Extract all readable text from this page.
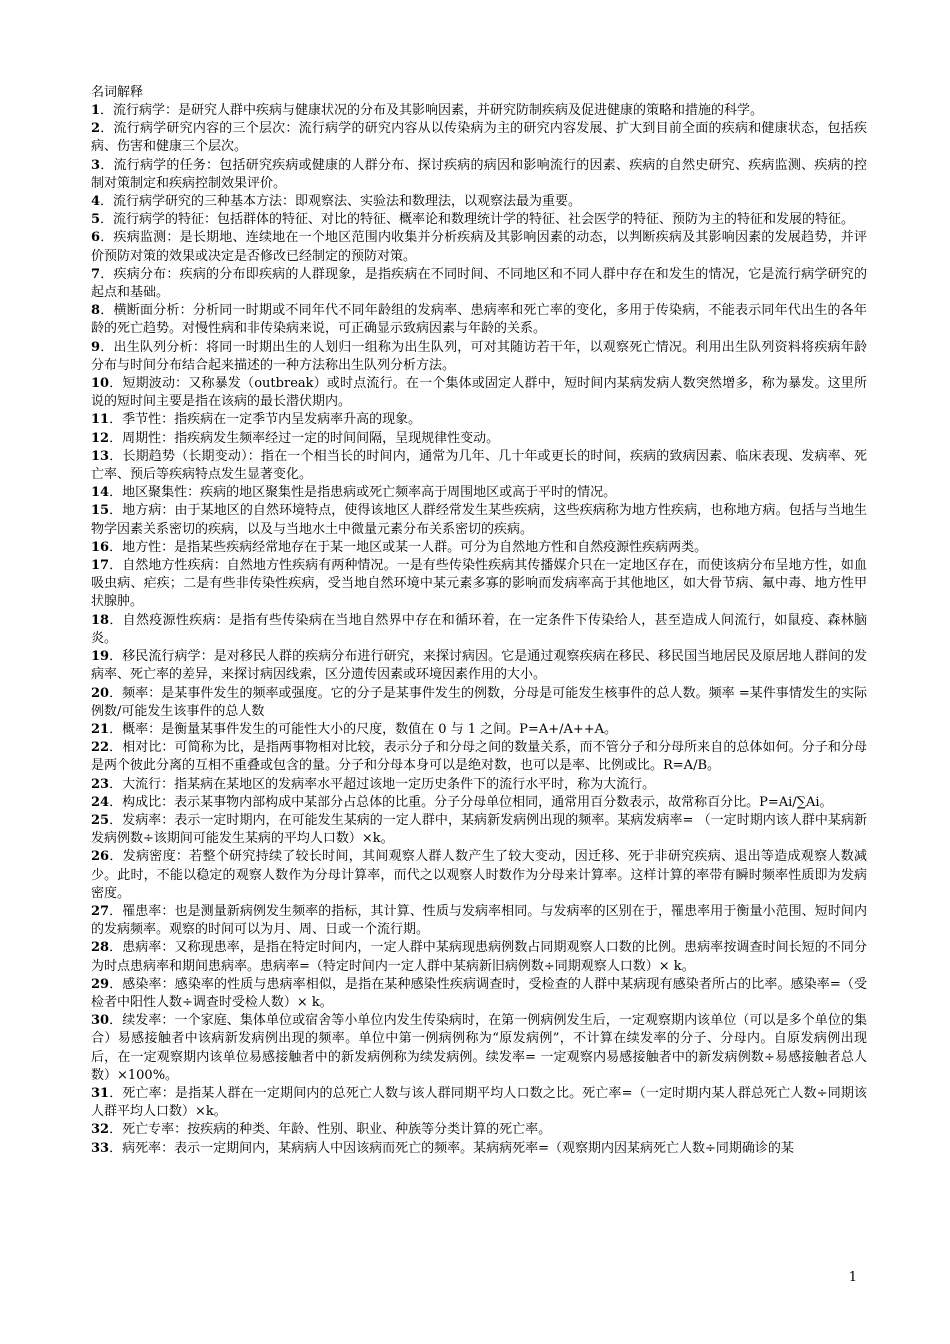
名词解释

1．流行病学：是研究人群中疾病与健康状况的分布及其影响因素，并研究防制疾病及促进健康的策略和措施的科学。

2．流行病学研究内容的三个层次：流行病学的研究内容从以传染病为主的研究内容发展、扩大到目前全面的疾病和健康状态，包括疾病、伤害和健康三个层次。

3．流行病学的任务：包括研究疾病或健康的人群分布、探讨疾病的病因和影响流行的因素、疾病的自然史研究、疾病监测、疾病的控制对策制定和疾病控制效果评价。

4．流行病学研究的三种基本方法：即观察法、实验法和数理法，以观察法最为重要。

5．流行病学的特征：包括群体的特征、对比的特征、概率论和数理统计学的特征、社会医学的特征、预防为主的特征和发展的特征。

6．疾病监测：是长期地、连续地在一个地区范围内收集并分析疾病及其影响因素的动态，以判断疾病及其影响因素的发展趋势，并评价预防对策的效果或决定是否修改已经制定的预防对策。

7．疾病分布：疾病的分布即疾病的人群现象，是指疾病在不同时间、不同地区和不同人群中存在和发生的情况，它是流行病学研究的起点和基础。

8．横断面分析：分析同一时期或不同年代不同年龄组的发病率、患病率和死亡率的变化，多用于传染病，不能表示同年代出生的各年龄的死亡趋势。对慢性病和非传染病来说，可正确显示致病因素与年龄的关系。

9．出生队列分析：将同一时期出生的人划归一组称为出生队列，可对其随访若干年，以观察死亡情况。利用出生队列资料将疾病年龄分布与时间分布结合起来描述的一种方法称出生队列分析方法。

10．短期波动：又称暴发（outbreak）或时点流行。在一个集体或固定人群中，短时间内某病发病人数突然增多，称为暴发。这里所说的短时间主要是指在该病的最长潜伏期内。

11．季节性：指疾病在一定季节内呈发病率升高的现象。

12．周期性：指疾病发生频率经过一定的时间间隔，呈现规律性变动。

13．长期趋势（长期变动）：指在一个相当长的时间内，通常为几年、几十年或更长的时间，疾病的致病因素、临床表现、发病率、死亡率、预后等疾病特点发生显著变化。

14．地区聚集性：疾病的地区聚集性是指患病或死亡频率高于周围地区或高于平时的情况。

15．地方病：由于某地区的自然环境特点，使得该地区人群经常发生某些疾病，这些疾病称为地方性疾病，也称地方病。包括与当地生物学因素关系密切的疾病，以及与当地水土中微量元素分布关系密切的疾病。

16．地方性：是指某些疾病经常地存在于某一地区或某一人群。可分为自然地方性和自然疫源性疾病两类。

17．自然地方性疾病：自然地方性疾病有两种情况。一是有些传染性疾病其传播媒介只在一定地区存在，而使该病分布呈地方性，如血吸虫病、疟疾；二是有些非传染性疾病，受当地自然环境中某元素多寡的影响而发病率高于其他地区，如大骨节病、氟中毒、地方性甲状腺肿。

18．自然疫源性疾病：是指有些传染病在当地自然界中存在和循环着，在一定条件下传染给人，甚至造成人间流行，如鼠疫、森林脑炎。

19．移民流行病学：是对移民人群的疾病分布进行研究，来探讨病因。它是通过观察疾病在移民、移民国当地居民及原居地人群间的发病率、死亡率的差异，来探讨病因线索，区分遗传因素或环境因素作用的大小。

20．频率：是某事件发生的频率或强度。它的分子是某事件发生的例数，分母是可能发生核事件的总人数。频率 =某件事情发生的实际例数/可能发生该事件的总人数

21．概率：是衡量某事件发生的可能性大小的尺度，数值在 0 与 1 之间。P=A+/A++A。

22．相对比：可简称为比，是指两事物相对比较，表示分子和分母之间的数量关系，而不管分子和分母所来自的总体如何。分子和分母是两个彼此分离的互相不重叠或包含的量。分子和分母本身可以是绝对数，也可以是率、比例或比。R=A/B。

23．大流行：指某病在某地区的发病率水平超过该地一定历史条件下的流行水平时，称为大流行。

24．构成比：表示某事物内部构成中某部分占总体的比重。分子分母单位相同，通常用百分数表示，故常称百分比。P=Ai/∑Ai。

25．发病率：表示一定时期内，在可能发生某病的一定人群中，某病新发病例出现的频率。某病发病率= （一定时期内该人群中某病新发病例数÷该期间可能发生某病的平均人口数）×k。

26．发病密度：若整个研究持续了较长时间，其间观察人群人数产生了较大变动，因迁移、死于非研究疾病、退出等造成观察人数减少。此时，不能以稳定的观察人数作为分母计算率，而代之以观察人时数作为分母来计算率。这样计算的率带有瞬时频率性质即为发病密度。

27．罹患率：也是测量新病例发生频率的指标，其计算、性质与发病率相同。与发病率的区别在于，罹患率用于衡量小范围、短时间内的发病频率。观察的时间可以为月、周、日或一个流行期。

28．患病率：又称现患率，是指在特定时间内，一定人群中某病现患病例数占同期观察人口数的比例。患病率按调查时间长短的不同分为时点患病率和期间患病率。患病率=（特定时间内一定人群中某病新旧病例数÷同期观察人口数）× k。

29．感染率：感染率的性质与患病率相似，是指在某种感染性疾病调查时，受检查的人群中某病现有感染者所占的比率。感染率=（受检者中阳性人数÷调查时受检人数）× k。

30．续发率：一个家庭、集体单位或宿舍等小单位内发生传染病时，在第一例病例发生后，一定观察期内该单位（可以是多个单位的集合）易感接触者中该病新发病例出现的频率。单位中第一例病例称为“原发病例”，不计算在续发率的分子、分母内。自原发病例出现后，在一定观察期内该单位易感接触者中的新发病例称为续发病例。续发率= 一定观察内易感接触者中的新发病例数÷易感接触者总人数）×100%。

31．死亡率：是指某人群在一定期间内的总死亡人数与该人群同期平均人口数之比。死亡率=（一定时期内某人群总死亡人数÷同期该人群平均人口数）×k。

32．死亡专率：按疾病的种类、年龄、性别、职业、种族等分类计算的死亡率。

33．病死率：表示一定期间内，某病病人中因该病而死亡的频率。某病病死率=（观察期内因某病死亡人数÷同期确诊的某

1
